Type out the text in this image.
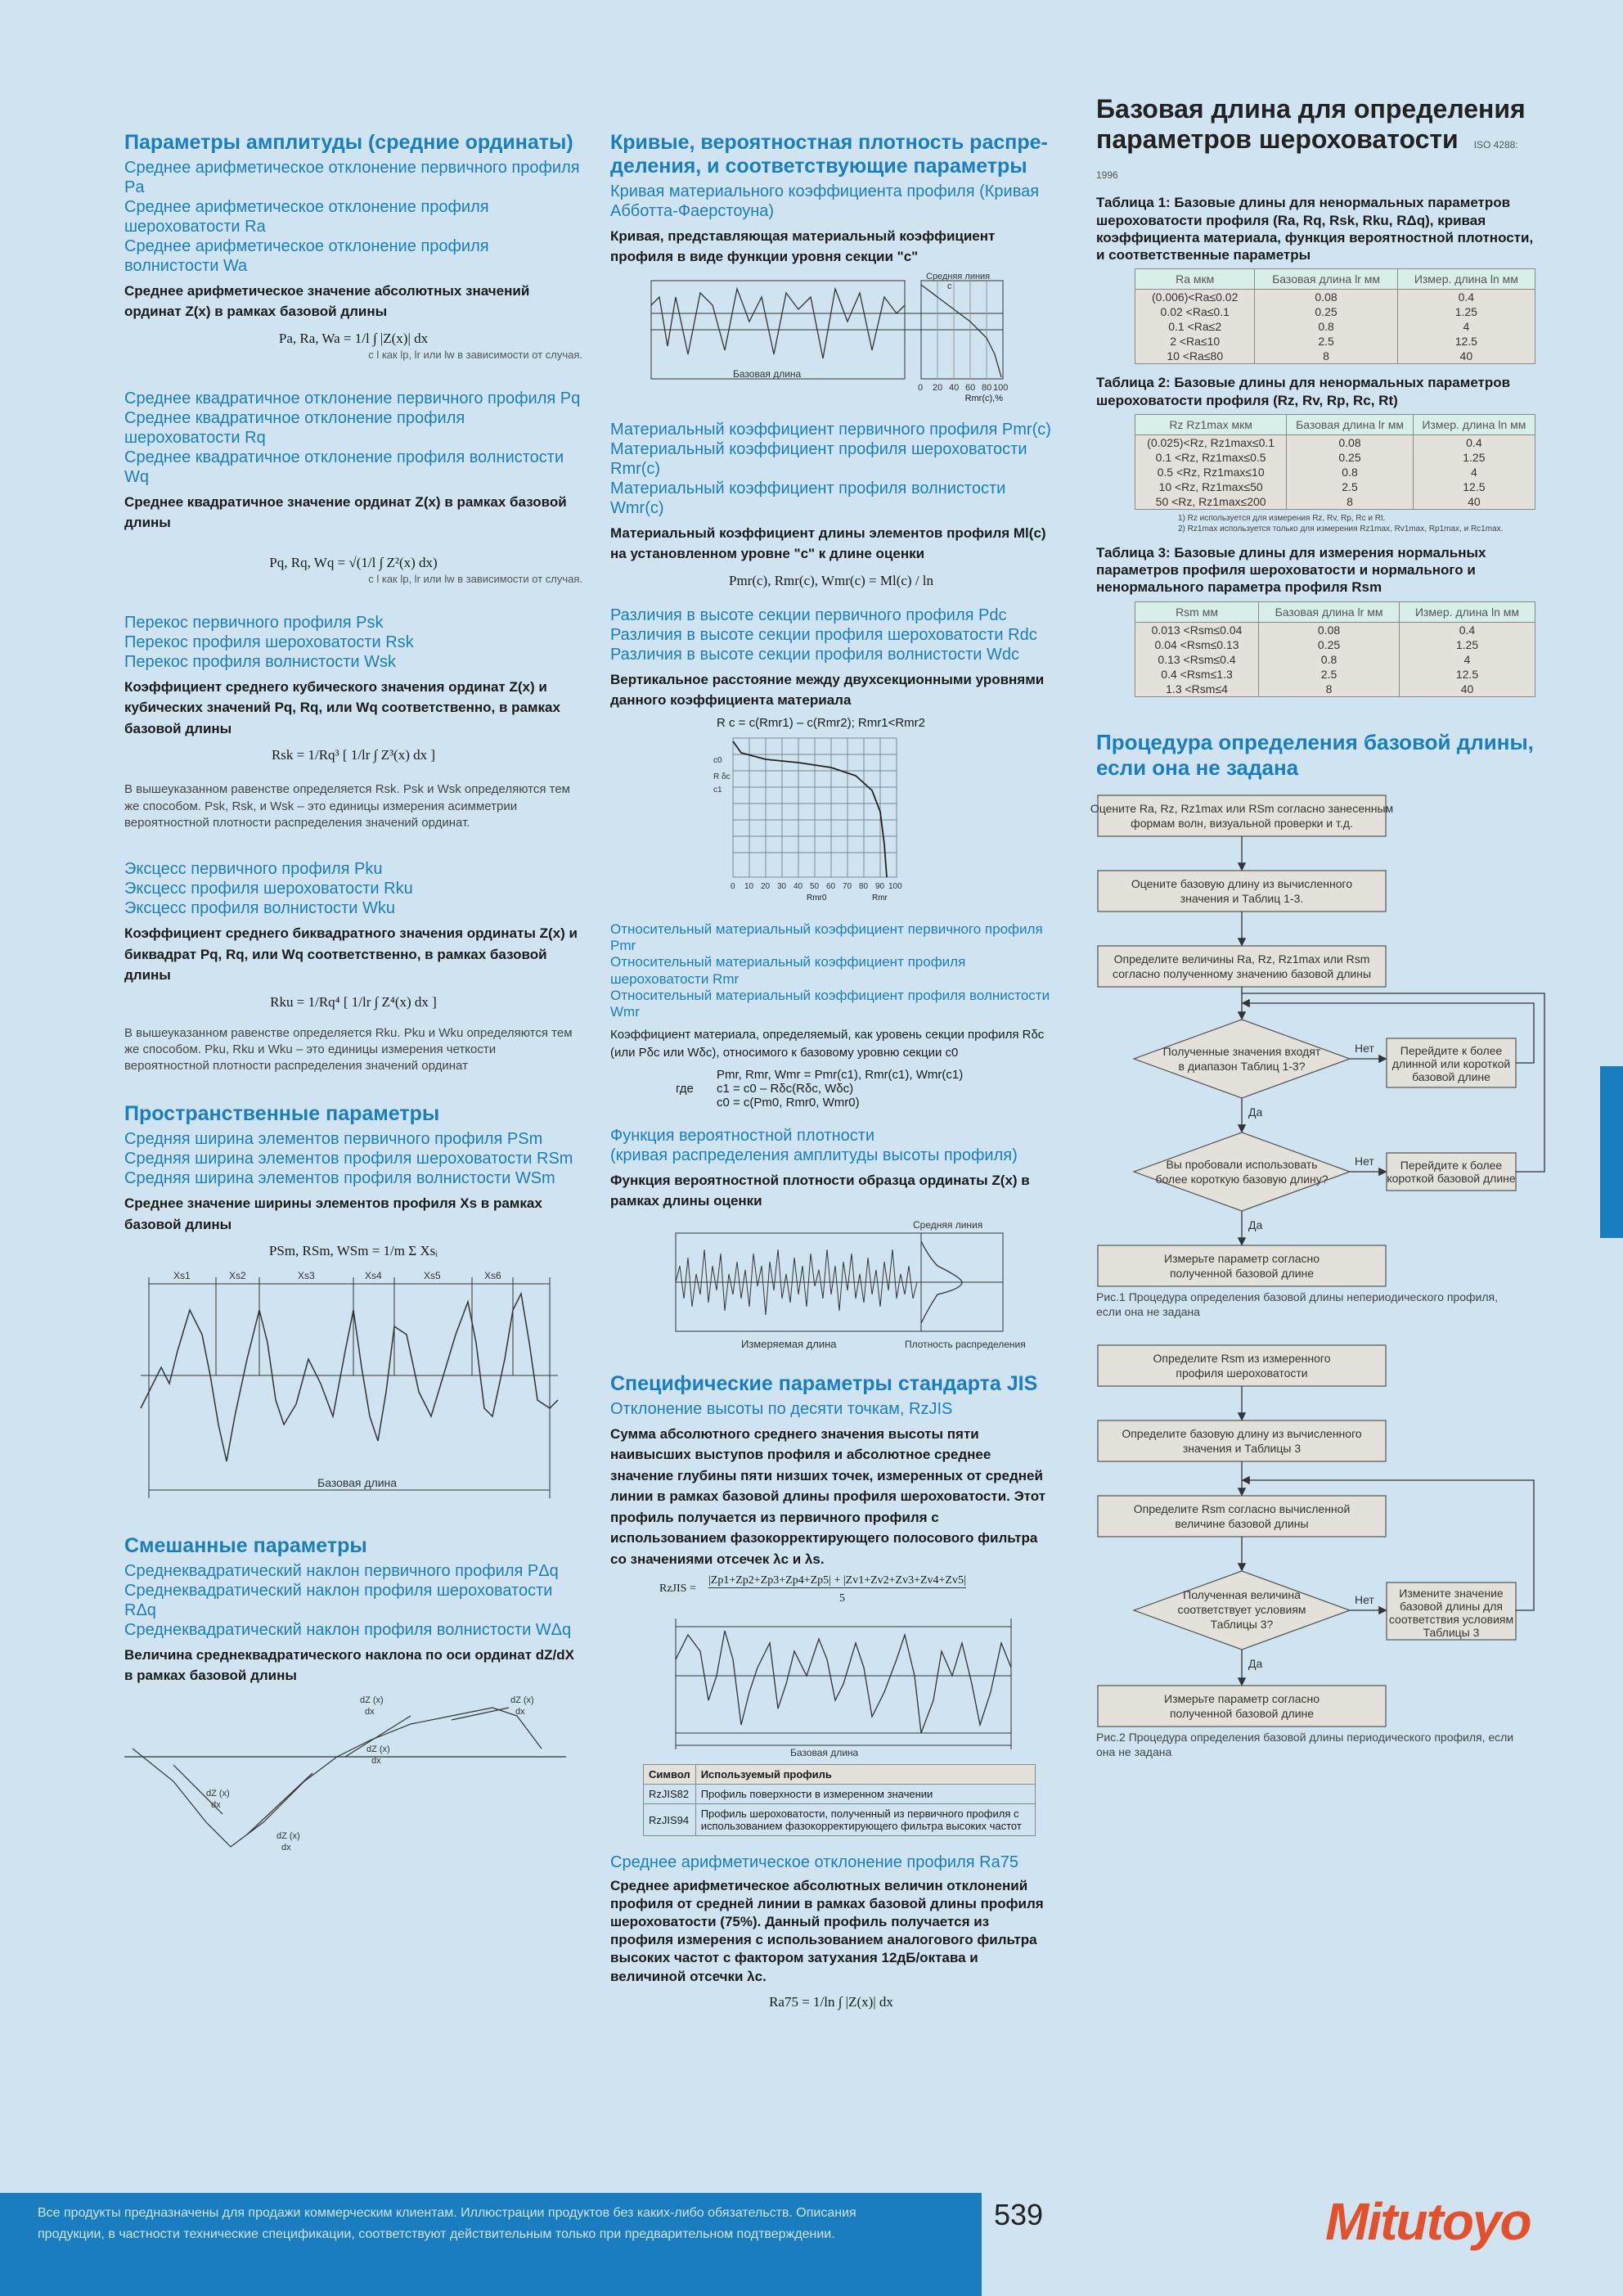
Параметры амплитуды (средние ординаты)
Среднее арифметическое отклонение первичного профиля Pa
Среднее арифметическое отклонение профиля шероховатости Ra
Среднее арифметическое отклонение профиля волнистости Wa
Среднее арифметическое значение абсолютных значений ординат Z(x) в рамках базовой длины
Pa, Ra, Wa = 1/l ∫ |Z(x)| dx
с l как lp, lr или lw в зависимости от случая.
Среднее квадратичное отклонение первичного профиля Pq
Среднее квадратичное отклонение профиля шероховатости Rq
Среднее квадратичное отклонение профиля волнистости Wq
Среднее квадратичное значение ординат Z(x) в рамках базовой длины
Pq, Rq, Wq = √(1/l ∫ Z²(x) dx)
с l как lp, lr или lw в зависимости от случая.
Перекос первичного профиля Psk
Перекос профиля шероховатости Rsk
Перекос профиля волнистости Wsk
Коэффициент среднего кубического значения ординат Z(x) и кубических значений Pq, Rq, или Wq соответственно, в рамках базовой длины
Rsk = 1/Rq³ [ 1/lr ∫ Z³(x) dx ]
В вышеуказанном равенстве определяется Rsk. Psk и Wsk определяются тем же способом. Psk, Rsk, и Wsk – это единицы измерения асимметрии вероятностной плотности распределения значений ординат.
Эксцесс первичного профиля Pku
Эксцесс профиля шероховатости Rku
Эксцесс профиля волнистости Wku
Коэффициент среднего биквадратного значения ординаты Z(x) и биквадрат Pq, Rq, или Wq соответственно, в рамках базовой длины
Rku = 1/Rq⁴ [ 1/lr ∫ Z⁴(x) dx ]
В вышеуказанном равенстве определяется Rku. Pku и Wku определяются тем же способом. Pku, Rku и Wku – это единицы измерения четкости вероятностной плотности распределения значений ординат
Пространственные параметры
Средняя ширина элементов первичного профиля PSm
Средняя ширина элементов профиля шероховатости RSm
Средняя ширина элементов профиля волнистости WSm
Среднее значение ширины элементов профиля Xs в рамках базовой длины
PSm, RSm, WSm = 1/m Σ Xsᵢ
Xs1	Xs2	Xs3	Xs4	Xs5	Xs6
Базовая длина
Смешанные параметры
Среднеквадратический наклон первичного профиля PΔq
Среднеквадратический наклон профиля шероховатости RΔq
Среднеквадратический наклон профиля волнистости WΔq
Величина среднеквадратического наклона по оси ординат dZ/dX в рамках базовой длины
dZ (x)
dx
dZ (x)
dx
dZ (x)
dx
dZ (x)
dx
dZ (x)
dx
Кривые, вероятностная плотность распре-деления, и соответствующие параметры
Кривая материального коэффициента профиля (Кривая Абботта-Фаерстоуна)
Кривая, представляющая материальный коэффициент профиля в виде функции уровня секции "c"
Средняя линия
c
Базовая длина
0 20 40 60 80 100
Rmr(c),%
Материальный коэффициент первичного профиля Pmr(c)
Материальный коэффициент профиля шероховатости Rmr(c)
Материальный коэффициент профиля волнистости Wmr(c)
Материальный коэффициент длины элементов профиля Ml(c) на установленном уровне "c" к длине оценки
Pmr(c), Rmr(c), Wmr(c) = Ml(c) / ln
Различия в высоте секции первичного профиля Pdc
Различия в высоте секции профиля шероховатости Rdc
Различия в высоте секции профиля волнистости Wdc
Вертикальное расстояние между двухсекционными уровнями данного коэффициента материала
R c = c(Rmr1) – c(Rmr2); Rmr1<Rmr2
c0
c1
R δc
0 10 20 30 40 50 60 70 80 90 100
Rmr0	Rmr
Относительный материальный коэффициент первичного профиля Pmr
Относительный материальный коэффициент профиля шероховатости Rmr
Относительный материальный коэффициент профиля волнистости Wmr
Коэффициент материала, определяемый, как уровень секции профиля Rδc (или Pδc или Wδc), относимого к базовому уровню секции c0
Pmr, Rmr, Wmr = Pmr(c1), Rmr(c1), Wmr(c1)
где c1 = c0 – Rδc(Rδc, Wδc)
c0 = c(Pm0, Rmr0, Wmr0)
Функция вероятностной плотности
(кривая распределения амплитуды высоты профиля)
Функция вероятностной плотности образца ординаты Z(x) в рамках длины оценки
Средняя линия
Измеряемая длина	Плотность распределения
Специфические параметры стандарта JIS
Отклонение высоты по десяти точкам, RzJIS
Сумма абсолютного среднего значения высоты пяти наивысших выступов профиля и абсолютное среднее значение глубины пяти низших точек, измеренных от средней линии в рамках базовой длины профиля шероховатости. Этот профиль получается из первичного профиля с использованием фазокорректирующего полосового фильтра со значениями отсечек λc и λs.
RzJIS =
|Zp1+Zp2+Zp3+Zp4+Zp5| + |Zv1+Zv2+Zv3+Zv4+Zv5|
5
Базовая длина
Символ	Используемый профиль
RzJIS82	Профиль поверхности в измеренном значении
RzJIS94	Профиль шероховатости, полученный из первичного профиля с использованием фазокорректирующего фильтра высоких частот
Среднее арифметическое отклонение профиля Ra75
Среднее арифметическое абсолютных величин отклонений профиля от средней линии в рамках базовой длины профиля шероховатости (75%). Данный профиль получается из профиля измерения с использованием аналогового фильтра высоких частот с фактором затухания 12дБ/октава и величиной отсечки λc.
Ra75 = 1/ln ∫ |Z(x)| dx
Базовая длина для определения параметров шероховатости ISO 4288: 1996
Таблица 1: Базовые длины для ненормальных параметров шероховатости профиля (Ra, Rq, Rsk, Rku, RΔq), кривая коэффициента материала, функция вероятностной плотности, и соответственные параметры
Ra мкм	Базовая длина lr мм	Измер. длина ln мм
(0.006)<Ra≤0.02	0.08	0.4
0.02 <Ra≤0.1	0.25	1.25
0.1 <Ra≤2	0.8	4
2 <Ra≤10	2.5	12.5
10 <Ra≤80	8	40
Таблица 2: Базовые длины для ненормальных параметров шероховатости профиля (Rz, Rv, Rp, Rc, Rt)
Rz Rz1max мкм	Базовая длина lr мм	Измер. длина ln мм
(0.025)<Rz, Rz1max≤0.1	0.08	0.4
0.1 <Rz, Rz1max≤0.5	0.25	1.25
0.5 <Rz, Rz1max≤10	0.8	4
10 <Rz, Rz1max≤50	2.5	12.5
50 <Rz, Rz1max≤200	8	40
1) Rz используется для измерения Rz, Rv, Rp, Rc и Rt.
2) Rz1max используется только для измерения Rz1max, Rv1max, Rp1max, и Rc1max.
Таблица 3: Базовые длины для измерения нормальных параметров профиля шероховатости и нормального и ненормального параметра профиля Rsm
Rsm мм	Базовая длина lr мм	Измер. длина ln мм
0.013 <Rsm≤0.04	0.08	0.4
0.04 <Rsm≤0.13	0.25	1.25
0.13 <Rsm≤0.4	0.8	4
0.4 <Rsm≤1.3	2.5	12.5
1.3 <Rsm≤4	8	40
Процедура определения базовой длины, если она не задана
Оцените Ra, Rz, Rz1max или RSm согласно занесенным
формам волн, визуальной проверки и т.д.
Оцените базовую длину из вычисленного
значения и Таблиц 1-3.
Определите величины Ra, Rz, Rz1max или Rsm
согласно полученному значению базовой длины
Полученные значения входят
в диапазон Таблиц 1-3?
Перейдите к более
длинной или короткой
базовой длине
Вы пробовали использовать
более короткую базовую длину?
Перейдите к более
короткой базовой длине
Измерьте параметр согласно
полученной базовой длине
Определите Rsm из измеренного
профиля шероховатости
Определите базовую длину из вычисленного
значения и Таблицы 3
Определите Rsm согласно вычисленной
величине базовой длины
Полученная величина
соответствует условиям
Таблицы 3?
Измените значение
базовой длины для
соответствия условиям
Таблицы 3
Измерьте параметр согласно
полученной базовой длине
Нет
Да
Нет
Да
Нет
Да
Рис.1 Процедура определения базовой длины непериодического профиля, если она не задана
Рис.2 Процедура определения базовой длины периодического профиля, если она не задана
Все продукты предназначены для продажи коммерческим клиентам. Иллюстрации продуктов без каких-либо обязательств. Описания продукции, в частности технические спецификации, соответствуют действительным только при предварительном подтверждении.
539	Mitutoyo
